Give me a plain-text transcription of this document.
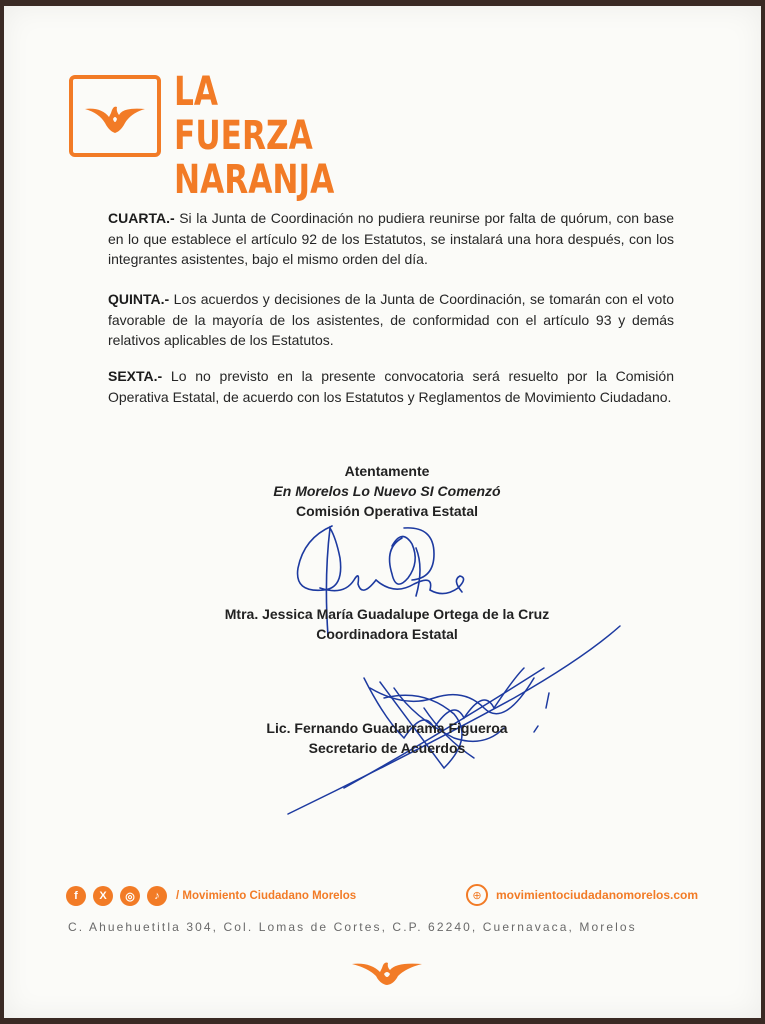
LA FUERZA
NARANJA
CUARTA.- Si la Junta de Coordinación no pudiera reunirse por falta de quórum, con base en lo que establece el artículo 92 de los Estatutos, se instalará una hora después, con los integrantes asistentes, bajo el mismo orden del día.
QUINTA.- Los acuerdos y decisiones de la Junta de Coordinación, se tomarán con el voto favorable de la mayoría de los asistentes, de conformidad con el artículo 93 y demás relativos aplicables de los Estatutos.
SEXTA.- Lo no previsto en la presente convocatoria será resuelto por la Comisión Operativa Estatal, de acuerdo con los Estatutos y Reglamentos de Movimiento Ciudadano.
Atentamente
En Morelos Lo Nuevo SI Comenzó
Comisión Operativa Estatal
Mtra. Jessica María Guadalupe Ortega de la Cruz
Coordinadora Estatal
Lic. Fernando Guadarrama Figueroa
Secretario de Acuerdos
f	X	◎	♪	/ Movimiento Ciudadano Morelos	⊕	movimientociudadanomorelos.com
C. Ahuehuetitla 304, Col. Lomas de Cortes, C.P. 62240, Cuernavaca, Morelos
